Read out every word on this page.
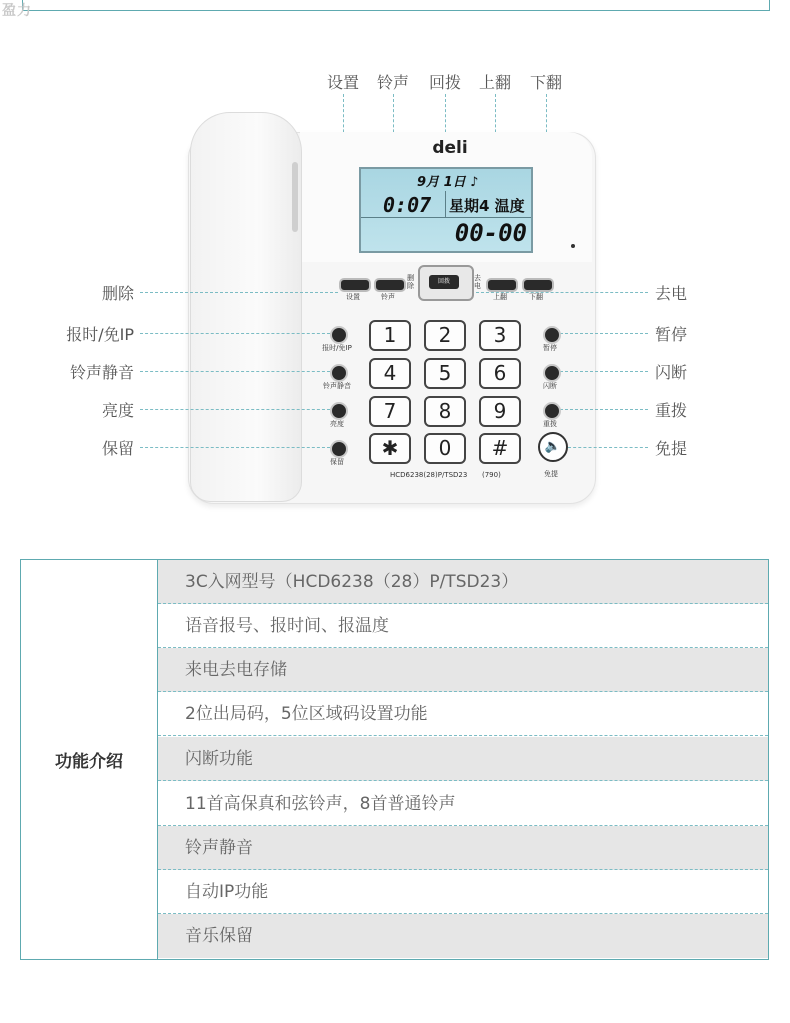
盈力
设置	铃声	回拨	上翻	下翻
deli
9月 1日 ♪
0:07 星期4 温度
00-00
设置	铃声
删除
回拨	去电
上翻	下翻
删除
报时/免IP
铃声静音
亮度
保留
去电
暂停
闪断
重拨
免提
报时/免IP
铃声静音
亮度
保留
暂停
闪断
重拨
🔈
免提
1	2	3
4	5	6
7	8	9
✱	0	#
HCD6238(28)P/TSD23 (790)
功能介绍
3C入网型号（HCD6238（28）P/TSD23）
语音报号、报时间、报温度
来电去电存储
2位出局码，5位区域码设置功能
闪断功能
11首高保真和弦铃声，8首普通铃声
铃声静音
自动IP功能
音乐保留
